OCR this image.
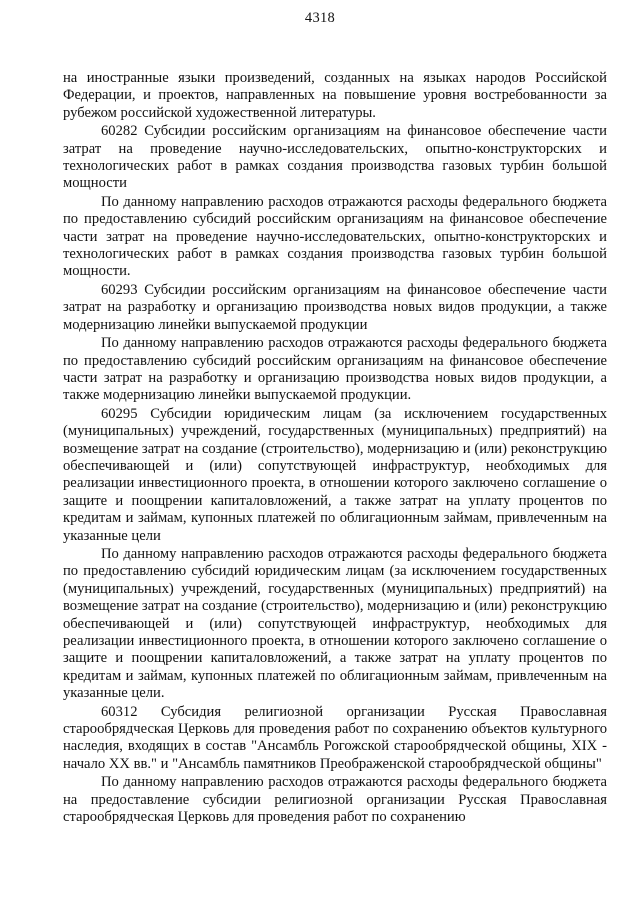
4318

на иностранные языки произведений, созданных на языках народов Российской Федерации, и проектов, направленных на повышение уровня востребованности за рубежом российской художественной литературы.

60282 Субсидии российским организациям на финансовое обеспечение части затрат на проведение научно-исследовательских, опытно-конструкторских и технологических работ в рамках создания производства газовых турбин большой мощности

По данному направлению расходов отражаются расходы федерального бюджета по предоставлению субсидий российским организациям на финансовое обеспечение части затрат на проведение научно-исследовательских, опытно-конструкторских и технологических работ в рамках создания производства газовых турбин большой мощности.

60293 Субсидии российским организациям на финансовое обеспечение части затрат на разработку и организацию производства новых видов продукции, а также модернизацию линейки выпускаемой продукции

По данному направлению расходов отражаются расходы федерального бюджета по предоставлению субсидий российским организациям на финансовое обеспечение части затрат на разработку и организацию производства новых видов продукции, а также модернизацию линейки выпускаемой продукции.

60295 Субсидии юридическим лицам (за исключением государственных (муниципальных) учреждений, государственных (муниципальных) предприятий) на возмещение затрат на создание (строительство), модернизацию и (или) реконструкцию обеспечивающей и (или) сопутствующей инфраструктур, необходимых для реализации инвестиционного проекта, в отношении которого заключено соглашение о защите и поощрении капиталовложений, а также затрат на уплату процентов по кредитам и займам, купонных платежей по облигационным займам, привлеченным на указанные цели

По данному направлению расходов отражаются расходы федерального бюджета по предоставлению субсидий юридическим лицам (за исключением государственных (муниципальных) учреждений, государственных (муниципальных) предприятий) на возмещение затрат на создание (строительство), модернизацию и (или) реконструкцию обеспечивающей и (или) сопутствующей инфраструктур, необходимых для реализации инвестиционного проекта, в отношении которого заключено соглашение о защите и поощрении капиталовложений, а также затрат на уплату процентов по кредитам и займам, купонных платежей по облигационным займам, привлеченным на указанные цели.

60312 Субсидия религиозной организации Русская Православная старообрядческая Церковь для проведения работ по сохранению объектов культурного наследия, входящих в состав "Ансамбль Рогожской старообрядческой общины, XIX - начало XX вв." и "Ансамбль памятников Преображенской старообрядческой общины"

По данному направлению расходов отражаются расходы федерального бюджета на предоставление субсидии религиозной организации Русская Православная старообрядческая Церковь для проведения работ по сохранению
